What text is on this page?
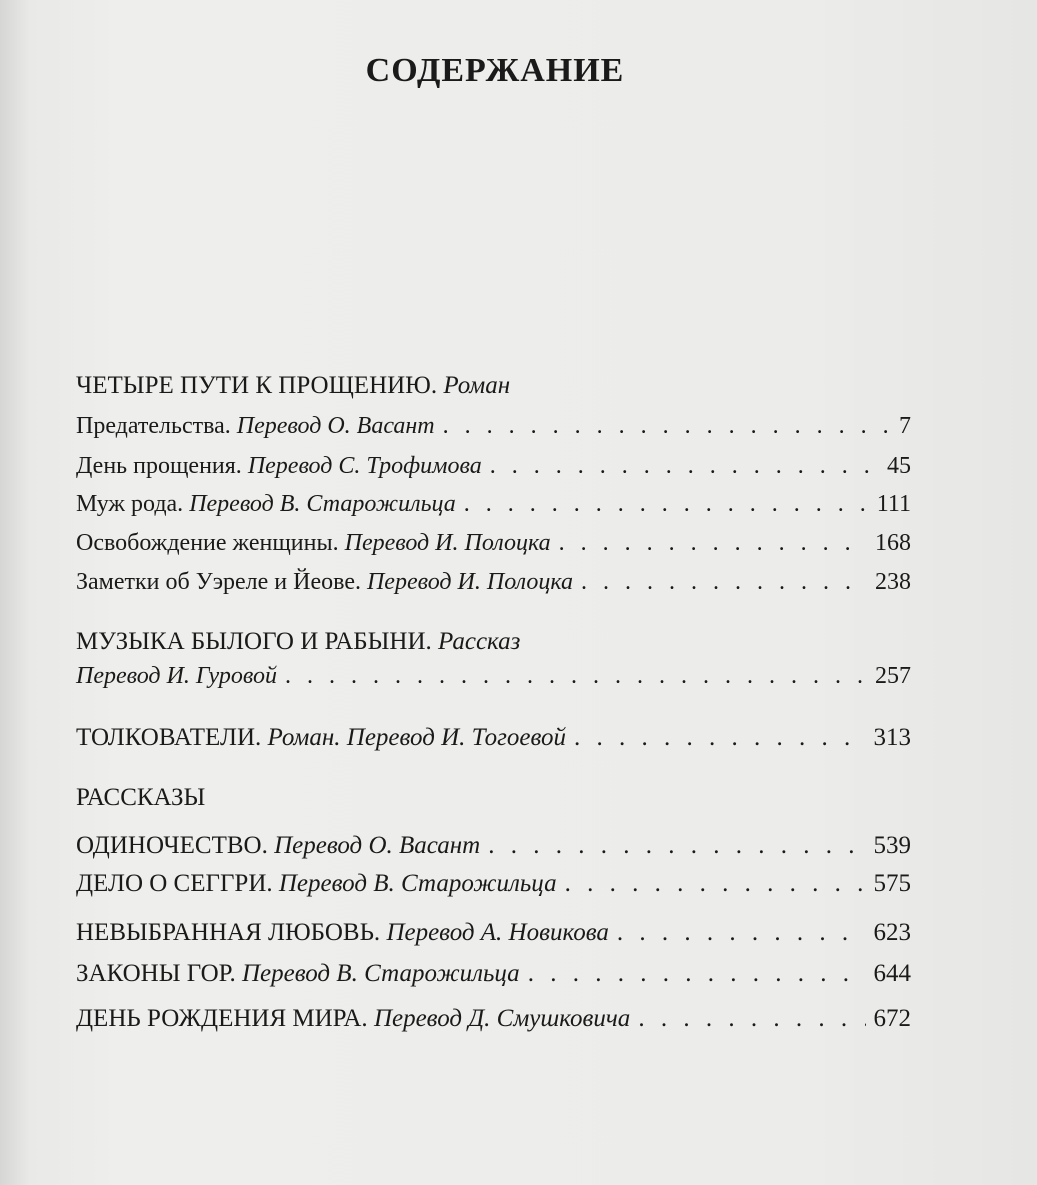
СОДЕРЖАНИЕ
ЧЕТЫРЕ ПУТИ К ПРОЩЕНИЮ. Роман
Предательства. Перевод О. Васант . . .	7
День прощения. Перевод С. Трофимова . . .	45
Муж рода. Перевод В. Старожильца . . .	111
Освобождение женщины. Перевод И. Полоцка . . .	168
Заметки об Уэреле и Йеове. Перевод И. Полоцка . . .	238
МУЗЫКА БЫЛОГО И РАБЫНИ. Рассказ
Перевод И. Гуровой . . .	257
ТОЛКОВАТЕЛИ. Роман. Перевод И. Тогоевой . . .	313
РАССКАЗЫ
ОДИНОЧЕСТВО. Перевод О. Васант . . .	539
ДЕЛО О СЕГГРИ. Перевод В. Старожильца . . .	575
НЕВЫБРАННАЯ ЛЮБОВЬ. Перевод А. Новикова . . .	623
ЗАКОНЫ ГОР. Перевод В. Старожильца . . .	644
ДЕНЬ РОЖДЕНИЯ МИРА. Перевод Д. Смушковича . . .	672
